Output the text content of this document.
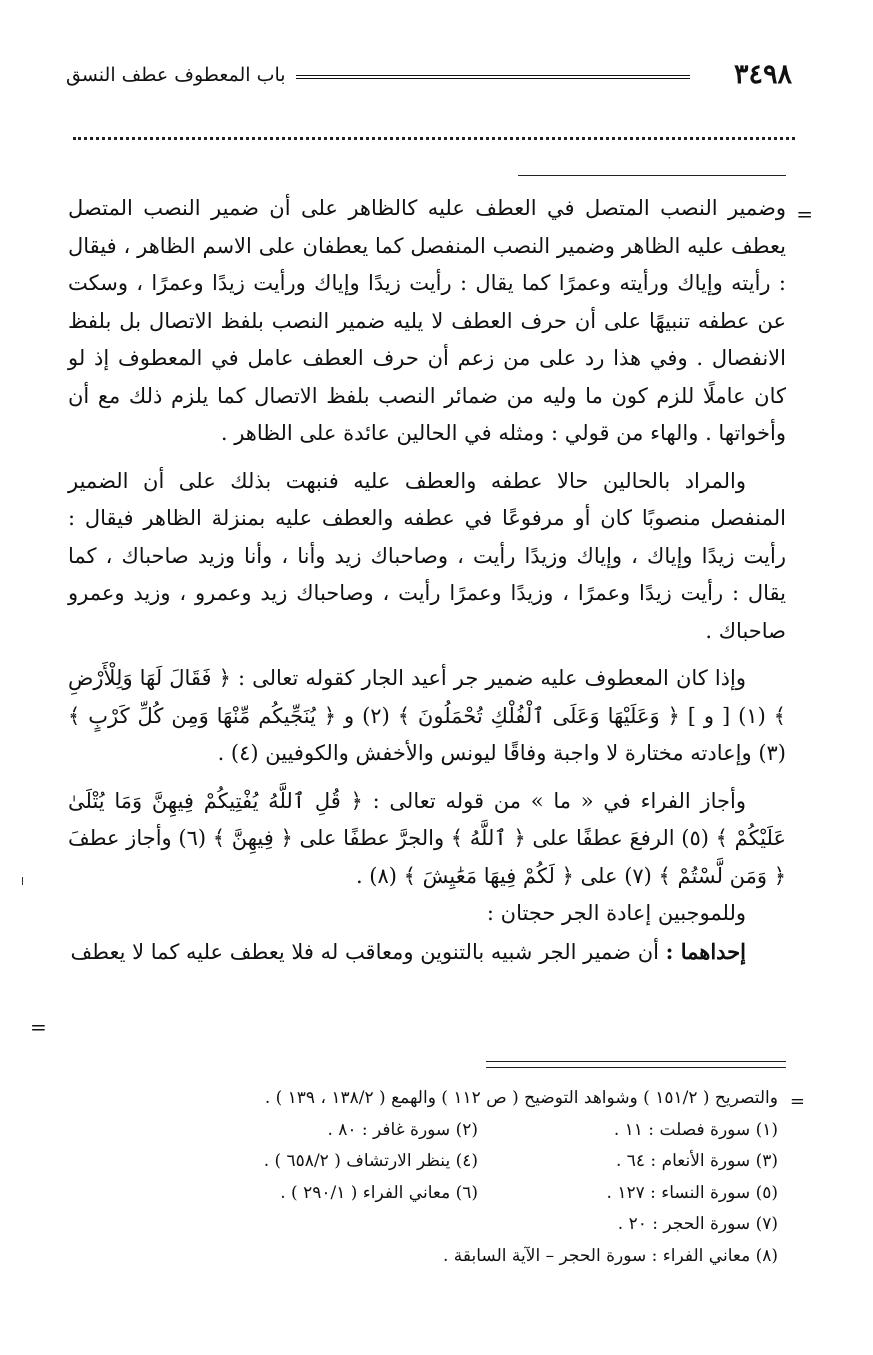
٣٤٩٨
باب المعطوف عطف النسق
=

وضمير النصب المتصل في العطف عليه كالظاهر على أن ضمير النصب المتصل يعطف عليه الظاهر وضمير النصب المنفصل كما يعطفان على الاسم الظاهر ، فيقال : رأيته وإياك ورأيته وعمرًا كما يقال : رأيت زيدًا وإياك ورأيت زيدًا وعمرًا ، وسكت عن عطفه تنبيهًا على أن حرف العطف لا يليه ضمير النصب بلفظ الاتصال بل بلفظ الانفصال . وفي هذا رد على من زعم أن حرف العطف عامل في المعطوف إذ لو كان عاملًا للزم كون ما وليه من ضمائر النصب بلفظ الاتصال كما يلزم ذلك مع أن وأخواتها . والهاء من قولي : ومثله في الحالين عائدة على الظاهر .

والمراد بالحالين حالا عطفه والعطف عليه فنبهت بذلك على أن الضمير المنفصل منصوبًا كان أو مرفوعًا في عطفه والعطف عليه بمنزلة الظاهر فيقال : رأيت زيدًا وإياك ، وإياك وزيدًا رأيت ، وصاحباك زيد وأنا ، وأنا وزيد صاحباك ، كما يقال : رأيت زيدًا وعمرًا ، وزيدًا وعمرًا رأيت ، وصاحباك زيد وعمرو ، وزيد وعمرو صاحباك .

وإذا كان المعطوف عليه ضمير جر أعيد الجار كقوله تعالى : ﴿ فَقَالَ لَهَا وَلِلْأَرْضِ ﴾ (١) [ و ] ﴿ وَعَلَيْهَا وَعَلَى ٱلْفُلْكِ تُحْمَلُونَ ﴾ (٢) و ﴿ يُنَجِّيكُم مِّنْهَا وَمِن كُلِّ كَرْبٍ ﴾ (٣) وإعادته مختارة لا واجبة وفاقًا ليونس والأخفش والكوفيين (٤) .

وأجاز الفراء في « ما » من قوله تعالى : ﴿ قُلِ ٱللَّهُ يُفْتِيكُمْ فِيهِنَّ وَمَا يُتْلَىٰ عَلَيْكُمْ ﴾ (٥) الرفعَ عطفًا على ﴿ ٱللَّهُ ﴾ والجرَّ عطفًا على ﴿ فِيهِنَّ ﴾ (٦) وأجاز عطفَ ﴿ وَمَن لَّسْتُمْ ﴾ (٧) على ﴿ لَكُمْ فِيهَا مَعَٰيِشَ ﴾ (٨) .

وللموجبين إعادة الجر حجتان :

إحداهما : أن ضمير الجر شبيه بالتنوين ومعاقب له فلا يعطف عليه كما لا يعطف

=
=
والتصريح ( ١٥١/٢ ) وشواهد التوضيح ( ص ١١٢ ) والهمع ( ١٣٨/٢ ، ١٣٩ ) .
(١) سورة فصلت : ١١ .
(٢) سورة غافر : ٨٠ .
(٣) سورة الأنعام : ٦٤ .
(٤) ينظر الارتشاف ( ٦٥٨/٢ ) .
(٥) سورة النساء : ١٢٧ .
(٦) معاني الفراء ( ٢٩٠/١ ) .
(٧) سورة الحجر : ٢٠ .
(٨) معاني الفراء : سورة الحجر – الآية السابقة .
